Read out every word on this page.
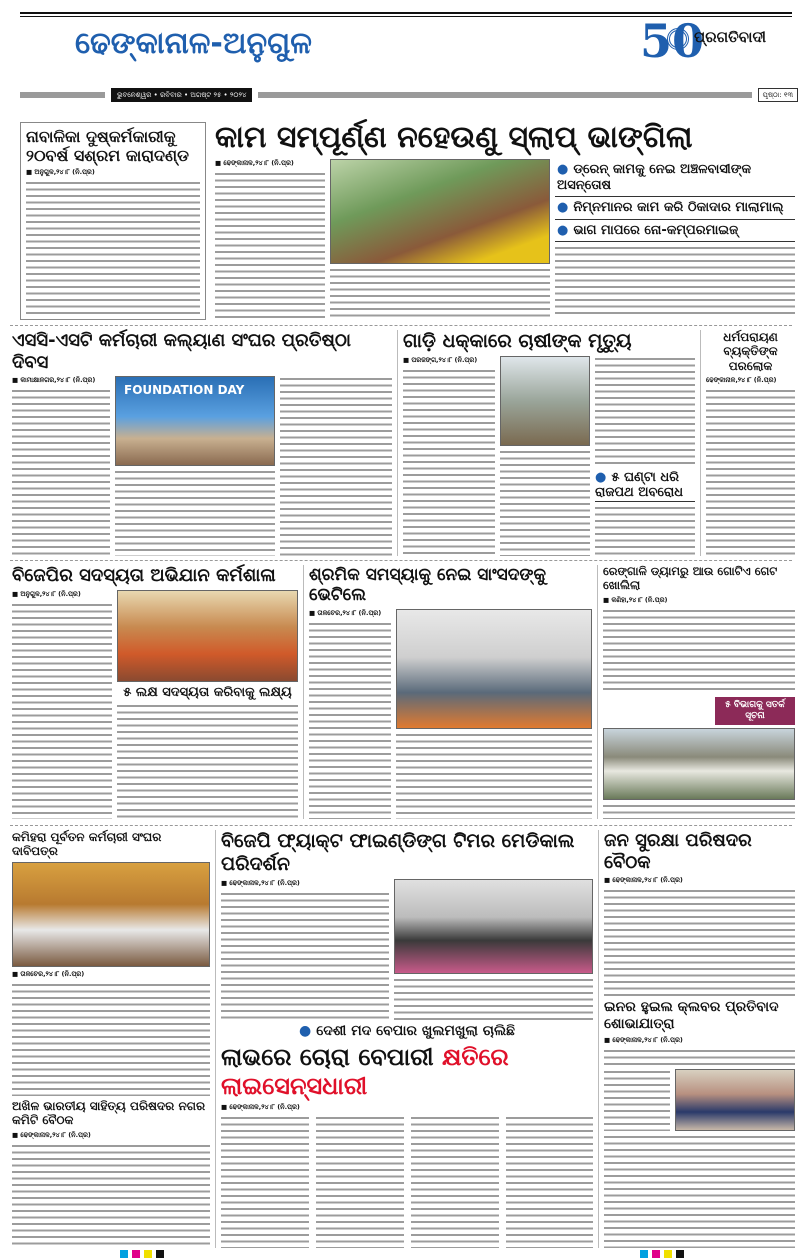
ଢେଙ୍କାନାଳ-ଅନୁଗୁଳ	50
ପ୍ରଗତିବାଦୀ
ଭୁବନେଶ୍ୱର • ରବିବାର • ଅଗଷ୍ଟ ୨୫ • ୨୦୨୪	ପୃଷ୍ଠା: ୧୩
ନାବାଳିକା ଦୁଷ୍କର୍ମକାରୀକୁ ୨୦ବର୍ଷ ସଶ୍ରମ କାରାଦଣ୍ଡ
■ ଅନୁଗୁଳ,୨୪।୮ (ନି.ପ୍ର)
କାମ ସମ୍ପୂର୍ଣ୍ଣ ନହେଉଣୁ ସ୍ଲାପ୍ ଭାଙ୍ଗିଲା
■ ଢେଙ୍କାନାଳ,୨୪।୮ (ନି.ପ୍ର)	● ଡ୍ରେନ୍ କାମକୁ ନେଇ ଅଞ୍ଚଳବାସୀଙ୍କ ଅସନ୍ତୋଷ
● ନିମ୍ନମାନର କାମ କରି ଠିକାଦାର ମାଲାମାଲ୍
● ଭାଗ ମାପରେ ନୋ-କମ୍ପରମାଇଜ୍
ଏସସି-ଏସଟି କର୍ମଚାରୀ କଲ୍ୟାଣ ସଂଘର ପ୍ରତିଷ୍ଠା ଦିବସ
■ କାମାକ୍ଷାନଗର,୨୪।୮ (ନି.ପ୍ର)
FOUNDATION DAY
ଗାଡ଼ି ଧକ୍କାରେ ଚାଷୀଙ୍କ ମୃତ୍ୟୁ
■ ପରଜଙ୍ଗ,୨୪।୮ (ନି.ପ୍ର)
● ୫ ଘଣ୍ଟା ଧରି ରାଜପଥ ଅବରୋଧ
ଧର୍ମପରାୟଣ ବ୍ୟକ୍ତିଙ୍କ ପରଲୋକ
ଢେଙ୍କାନାଳ,୨୪।୮ (ନି.ପ୍ର)
ବିଜେପିର ସଦସ୍ୟତା ଅଭିଯାନ କର୍ମଶାଳା
■ ଅନୁଗୁଳ,୨୪।୮ (ନି.ପ୍ର)
୫ ଲକ୍ଷ ସଦସ୍ୟତା କରିବାକୁ ଲକ୍ଷ୍ୟ
ଶ୍ରମିକ ସମସ୍ୟାକୁ ନେଇ ସାଂସଦଙ୍କୁ ଭେଟିଲେ
■ ତାଳଚେର,୨୪।୮ (ନି.ପ୍ର)
ରେଙ୍ଗାଳି ଡ୍ୟାମରୁ ଆଉ ଗୋଟିଏ ଗେଟ ଖୋଲିଲା
■ କଣିହା,୨୪।୮ (ନି.ପ୍ର)
୫ ବିଭାଗକୁ ସତର୍କ ସୂଚନା
କମିହରା ପୂର୍ବତନ କର୍ମଚାରୀ ସଂଘର ଦାବିପତ୍ର
■ ତାଳଚେର,୨୪।୮ (ନି.ପ୍ର)
ଅଖିଳ ଭାରତୀୟ ସାହିତ୍ୟ ପରିଷଦର ନଗର କମିଟି ବୈଠକ
■ ଢେଙ୍କାନାଳ,୨୪।୮ (ନି.ପ୍ର)
ବିଜେପି ଫ୍ୟାକ୍ଟ ଫାଇଣ୍ଡିଙ୍ଗ ଟିମର ମେଡିକାଲ ପରିଦର୍ଶନ
■ ଢେଙ୍କାନାଳ,୨୪।୮ (ନି.ପ୍ର)
● ଦେଶୀ ମଦ ବେପାର ଖୁଲମଖୁଲା ଚାଲିଛି
ଲାଭରେ ଚୋରା ବେପାରୀ କ୍ଷତିରେ ଲାଇସେନ୍ସଧାରୀ
■ ଢେଙ୍କାନାଳ,୨୪।୮ (ନି.ପ୍ର)
ଜନ ସୁରକ୍ଷା ପରିଷଦର ବୈଠକ
■ ଢେଙ୍କାନାଳ,୨୪।୮ (ନି.ପ୍ର)
ଇନର ହୁଇଲ କ୍ଲବର ପ୍ରତିବାଦ ଶୋଭାଯାତ୍ରା
■ ଢେଙ୍କାନାଳ,୨୪।୮ (ନି.ପ୍ର)
